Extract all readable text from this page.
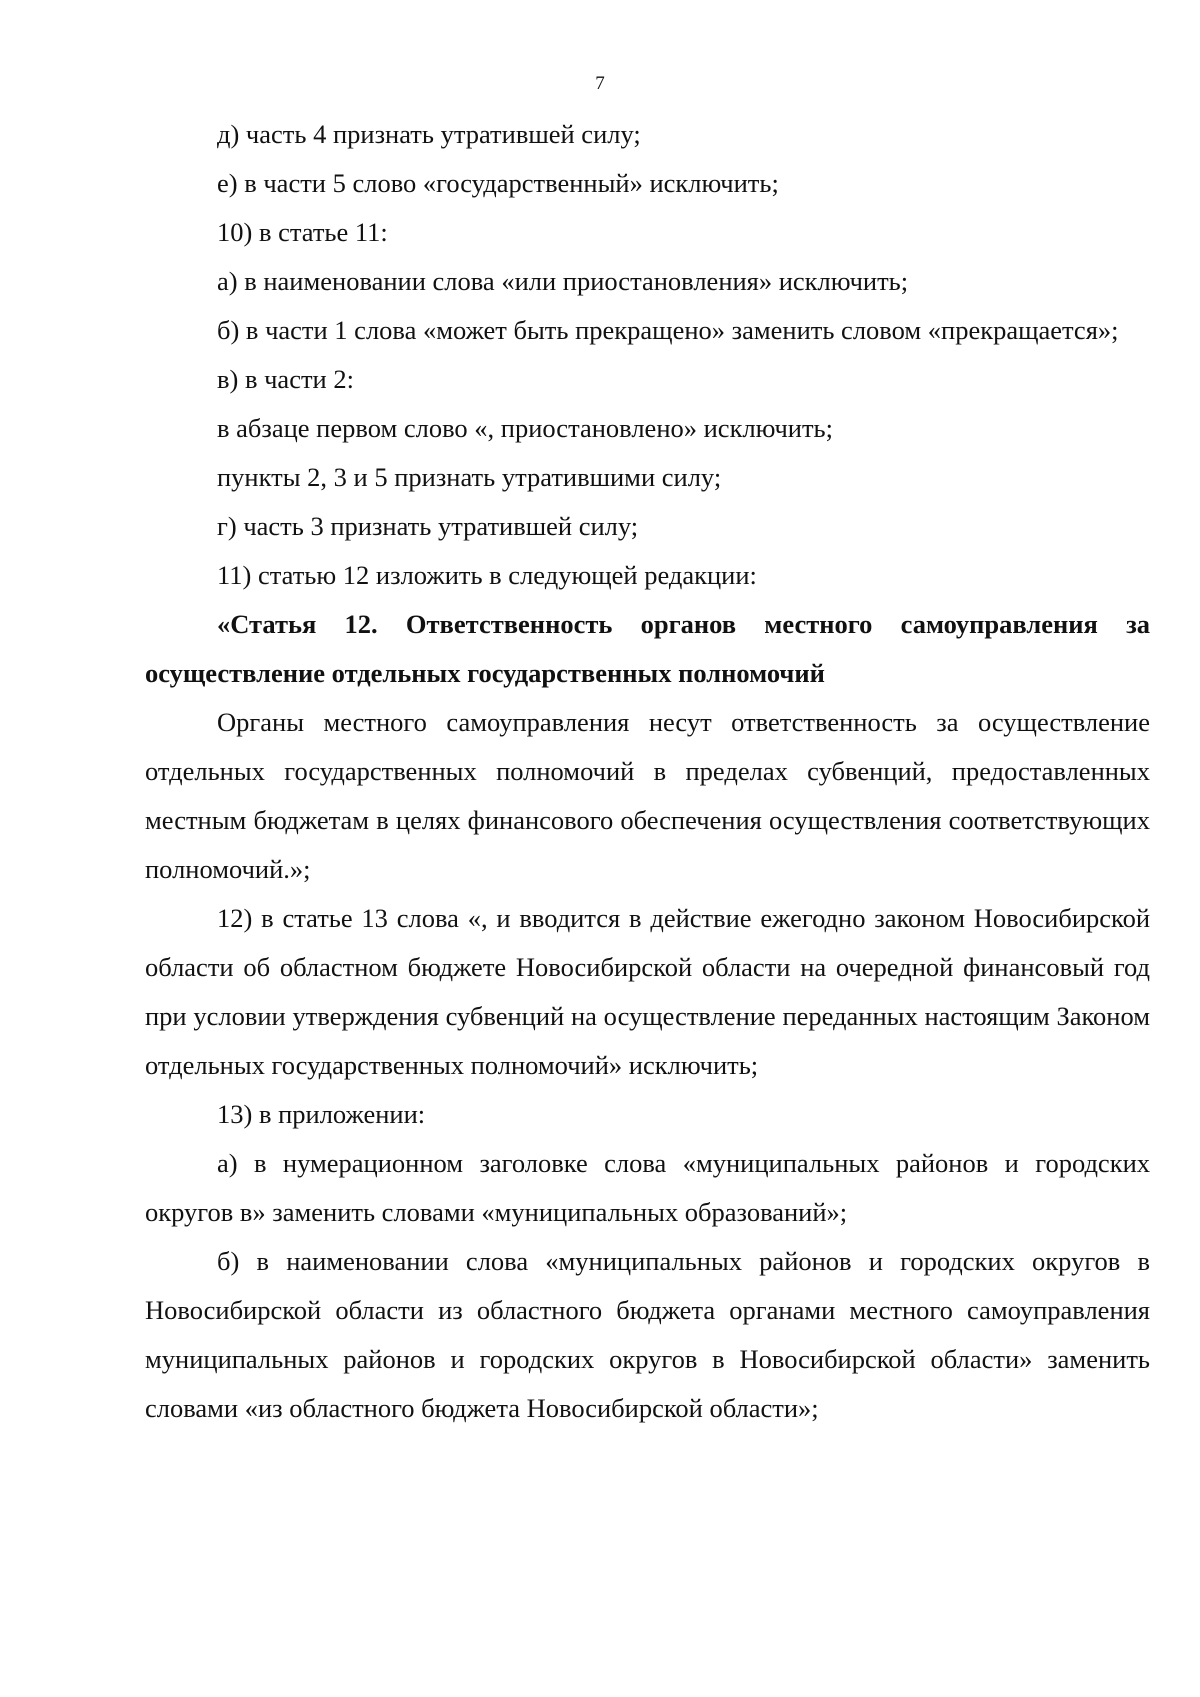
7

д) часть 4 признать утратившей силу;

е) в части 5 слово «государственный» исключить;

10) в статье 11:

а) в наименовании слова «или приостановления» исключить;

б) в части 1 слова «может быть прекращено» заменить словом «прекращается»;

в) в части 2:

в абзаце первом слово «, приостановлено» исключить;

пункты 2, 3 и 5 признать утратившими силу;

г) часть 3 признать утратившей силу;

11) статью 12 изложить в следующей редакции:

«Статья 12. Ответственность органов местного самоуправления за осуществление отдельных государственных полномочий

Органы местного самоуправления несут ответственность за осуществление отдельных государственных полномочий в пределах субвенций, предоставленных местным бюджетам в целях финансового обеспечения осуществления соответствующих полномочий.»;

12) в статье 13 слова «, и вводится в действие ежегодно законом Новосибирской области об областном бюджете Новосибирской области на очередной финансовый год при условии утверждения субвенций на осуществление переданных настоящим Законом отдельных государственных полномочий» исключить;

13) в приложении:

а) в нумерационном заголовке слова «муниципальных районов и городских округов в» заменить словами «муниципальных образований»;

б) в наименовании слова «муниципальных районов и городских округов в Новосибирской области из областного бюджета органами местного самоуправления муниципальных районов и городских округов в Новосибирской области» заменить словами «из областного бюджета Новосибирской области»;
